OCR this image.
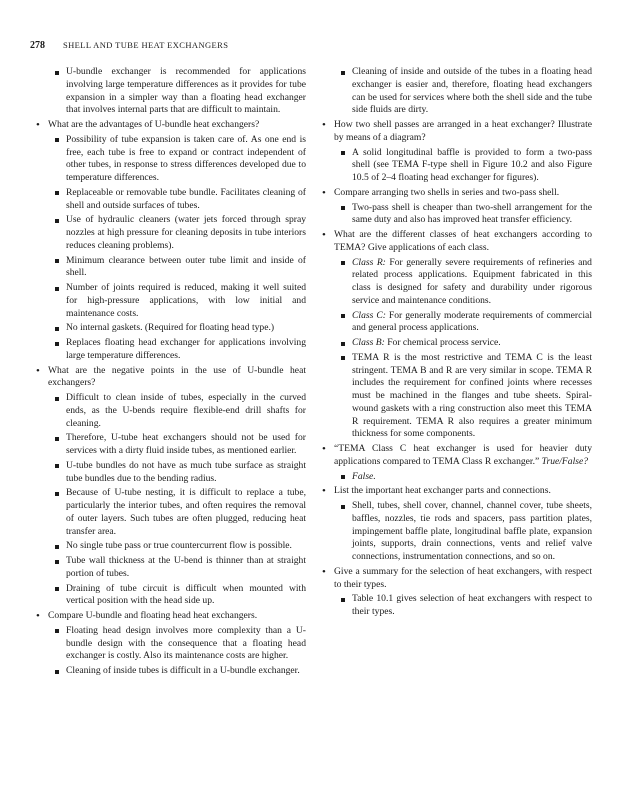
278 SHELL AND TUBE HEAT EXCHANGERS
U-bundle exchanger is recommended for applications involving large temperature differences as it provides for tube expansion in a simpler way than a floating head exchanger that involves internal parts that are difficult to maintain.
• What are the advantages of U-bundle heat exchangers?
Possibility of tube expansion is taken care of. As one end is free, each tube is free to expand or contract independent of other tubes, in response to stress differences developed due to temperature differences.
Replaceable or removable tube bundle. Facilitates cleaning of shell and outside surfaces of tubes.
Use of hydraulic cleaners (water jets forced through spray nozzles at high pressure for cleaning deposits in tube interiors reduces cleaning problems).
Minimum clearance between outer tube limit and inside of shell.
Number of joints required is reduced, making it well suited for high-pressure applications, with low initial and maintenance costs.
No internal gaskets. (Required for floating head type.)
Replaces floating head exchanger for applications involving large temperature differences.
• What are the negative points in the use of U-bundle heat exchangers?
Difficult to clean inside of tubes, especially in the curved ends, as the U-bends require flexible-end drill shafts for cleaning.
Therefore, U-tube heat exchangers should not be used for services with a dirty fluid inside tubes, as mentioned earlier.
U-tube bundles do not have as much tube surface as straight tube bundles due to the bending radius.
Because of U-tube nesting, it is difficult to replace a tube, particularly the interior tubes, and often requires the removal of outer layers. Such tubes are often plugged, reducing heat transfer area.
No single tube pass or true countercurrent flow is possible.
Tube wall thickness at the U-bend is thinner than at straight portion of tubes.
Draining of tube circuit is difficult when mounted with vertical position with the head side up.
• Compare U-bundle and floating head heat exchangers.
Floating head design involves more complexity than a U-bundle design with the consequence that a floating head exchanger is costly. Also its maintenance costs are higher.
Cleaning of inside tubes is difficult in a U-bundle exchanger.
Cleaning of inside and outside of the tubes in a floating head exchanger is easier and, therefore, floating head exchangers can be used for services where both the shell side and the tube side fluids are dirty.
• How two shell passes are arranged in a heat exchanger? Illustrate by means of a diagram?
A solid longitudinal baffle is provided to form a two-pass shell (see TEMA F-type shell in Figure 10.2 and also Figure 10.5 of 2–4 floating head exchanger for figures).
• Compare arranging two shells in series and two-pass shell.
Two-pass shell is cheaper than two-shell arrangement for the same duty and also has improved heat transfer efficiency.
• What are the different classes of heat exchangers according to TEMA? Give applications of each class.
Class R: For generally severe requirements of refineries and related process applications. Equipment fabricated in this class is designed for safety and durability under rigorous service and maintenance conditions.
Class C: For generally moderate requirements of commercial and general process applications.
Class B: For chemical process service.
TEMA R is the most restrictive and TEMA C is the least stringent. TEMA B and R are very similar in scope. TEMA R includes the requirement for confined joints where recesses must be machined in the flanges and tube sheets. Spiral-wound gaskets with a ring construction also meet this TEMA R requirement. TEMA R also requires a greater minimum thickness for some components.
• “TEMA Class C heat exchanger is used for heavier duty applications compared to TEMA Class R exchanger.” True/False?
False.
• List the important heat exchanger parts and connections.
Shell, tubes, shell cover, channel, channel cover, tube sheets, baffles, nozzles, tie rods and spacers, pass partition plates, impingement baffle plate, longitudinal baffle plate, expansion joints, supports, drain connections, vents and relief valve connections, instrumentation connections, and so on.
• Give a summary for the selection of heat exchangers, with respect to their types.
Table 10.1 gives selection of heat exchangers with respect to their types.
